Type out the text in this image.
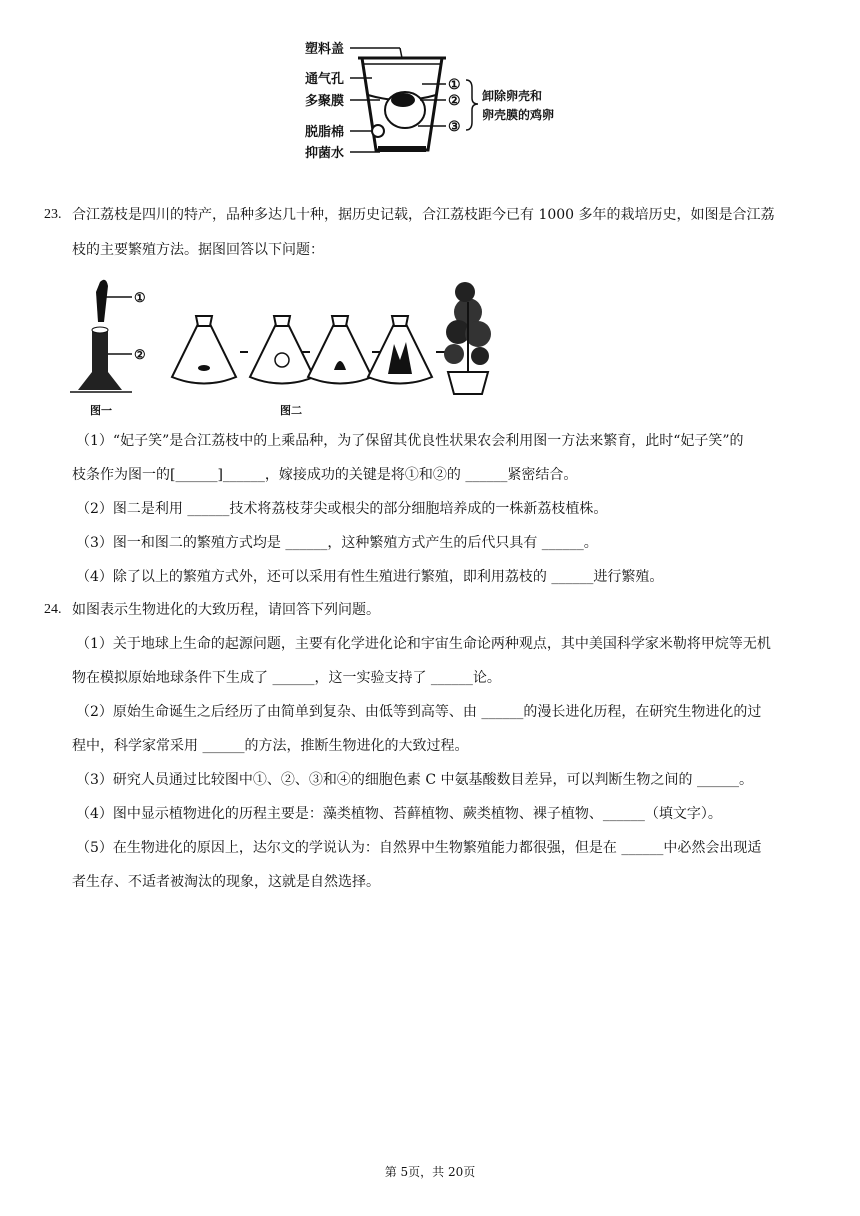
塑料盖
通气孔
多聚膜
脱脂棉
抑菌水
①
②
③
卸除卵壳和
卵壳膜的鸡卵
23. 合江荔枝是四川的特产，品种多达几十种，据历史记载，合江荔枝距今已有 1000 多年的栽培历史，如图是合江荔
枝的主要繁殖方法。据图回答以下问题：
①
②
图一	图二
（1）“妃子笑”是合江荔枝中的上乘品种，为了保留其优良性状果农会利用图一方法来繁育，此时“妃子笑”的
枝条作为图一的[______]______，嫁接成功的关键是将①和②的 ______紧密结合。
（2）图二是利用 ______技术将荔枝芽尖或根尖的部分细胞培养成的一株新荔枝植株。
（3）图一和图二的繁殖方式均是 ______，这种繁殖方式产生的后代只具有 ______。
（4）除了以上的繁殖方式外，还可以采用有性生殖进行繁殖，即利用荔枝的 ______进行繁殖。
24. 如图表示生物进化的大致历程，请回答下列问题。
（1）关于地球上生命的起源问题，主要有化学进化论和宇宙生命论两种观点，其中美国科学家米勒将甲烷等无机
物在模拟原始地球条件下生成了 ______，这一实验支持了 ______论。
（2）原始生命诞生之后经历了由简单到复杂、由低等到高等、由 ______的漫长进化历程，在研究生物进化的过
程中，科学家常采用 ______的方法，推断生物进化的大致过程。
（3）研究人员通过比较图中①、②、③和④的细胞色素 C 中氨基酸数目差异，可以判断生物之间的 ______。
（4）图中显示植物进化的历程主要是：藻类植物、苔藓植物、蕨类植物、裸子植物、______（填文字）。
（5）在生物进化的原因上，达尔文的学说认为：自然界中生物繁殖能力都很强，但是在 ______中必然会出现适
者生存、不适者被淘汰的现象，这就是自然选择。
第 5页，共 20页
